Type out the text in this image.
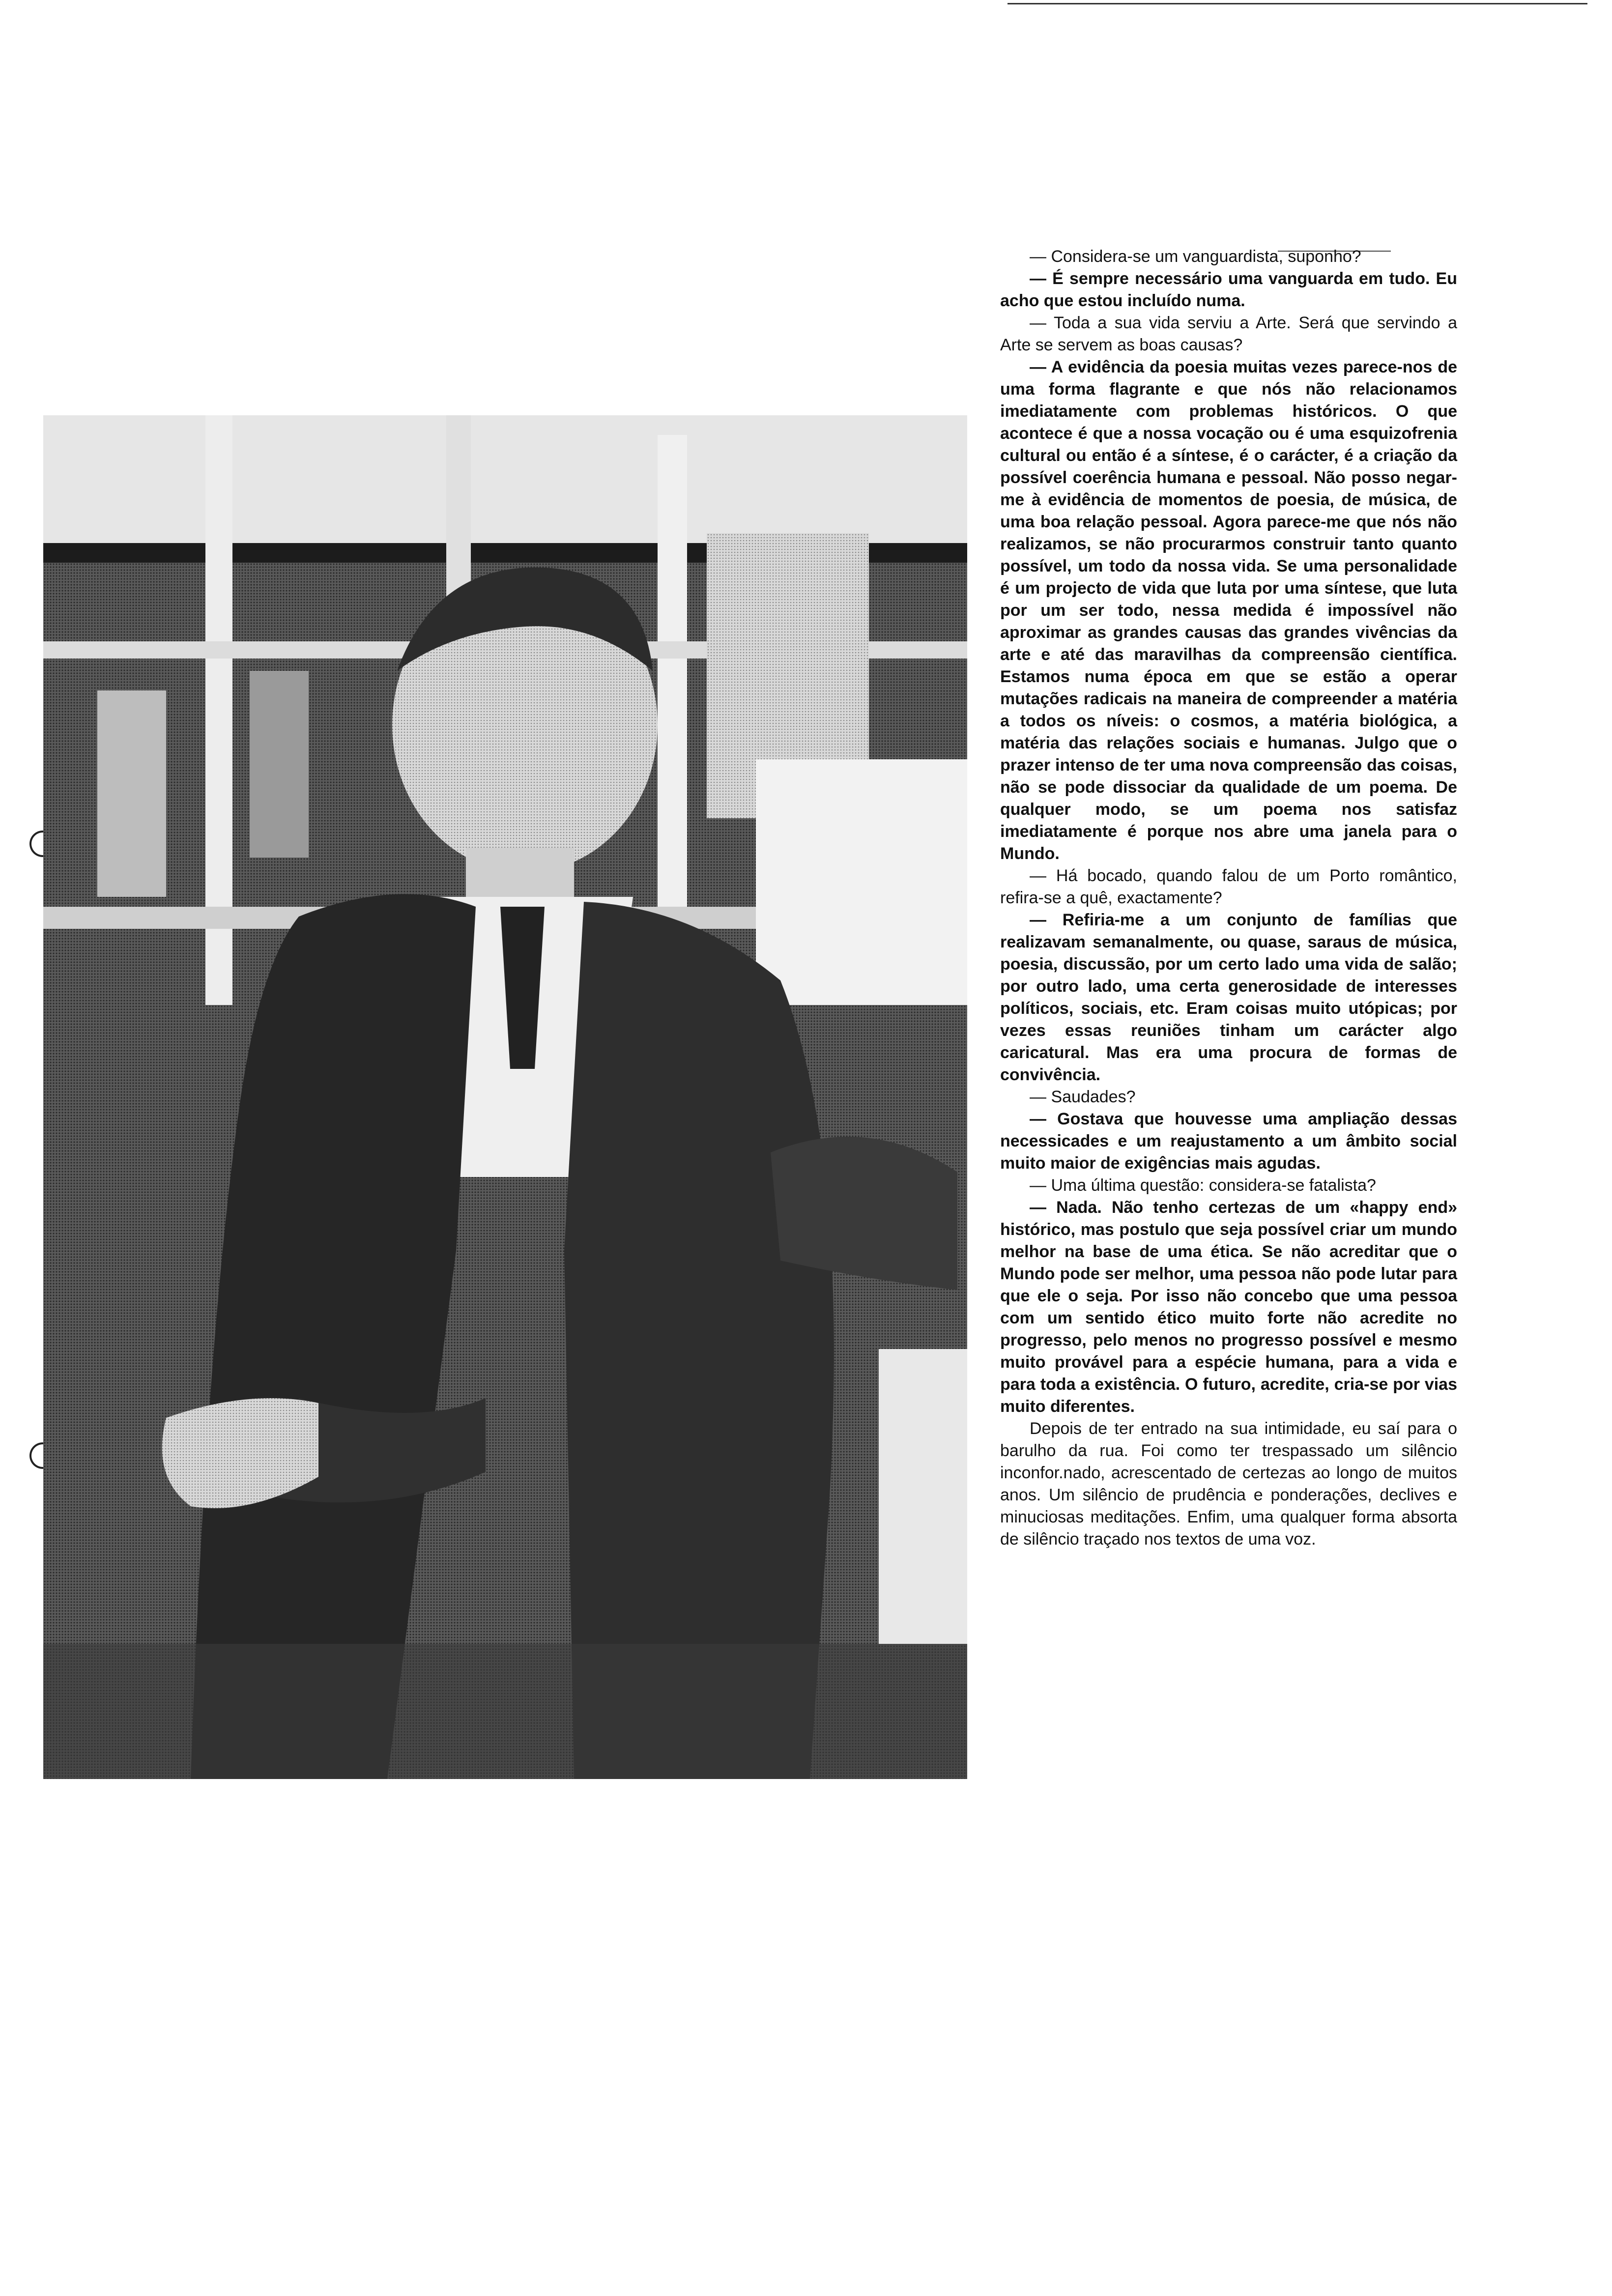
— Considera-se um vanguardista, suponho?

— É sempre necessário uma vanguarda em tudo. Eu acho que estou incluído numa.

— Toda a sua vida serviu a Arte. Será que servindo a Arte se servem as boas causas?

— A evidência da poesia muitas vezes parece-nos de uma forma flagrante e que nós não relacionamos imediatamente com problemas históricos. O que acontece é que a nossa vocação ou é uma esquizofrenia cultural ou então é a síntese, é o carácter, é a criação da possível coerência humana e pessoal. Não posso negar-me à evidência de momentos de poesia, de música, de uma boa relação pessoal. Agora parece-me que nós não realizamos, se não procurarmos construir tanto quanto possível, um todo da nossa vida. Se uma personalidade é um projecto de vida que luta por uma síntese, que luta por um ser todo, nessa medida é impossível não aproximar as grandes causas das grandes vivências da arte e até das maravilhas da compreensão científica. Estamos numa época em que se estão a operar mutações radicais na maneira de compreender a matéria a todos os níveis: o cosmos, a matéria biológica, a matéria das relações sociais e humanas. Julgo que o prazer intenso de ter uma nova compreensão das coisas, não se pode dissociar da qualidade de um poema. De qualquer modo, se um poema nos satisfaz imediatamente é porque nos abre uma janela para o Mundo.

— Há bocado, quando falou de um Porto romântico, refira-se a quê, exactamente?

— Refiria-me a um conjunto de famílias que realizavam semanalmente, ou quase, saraus de música, poesia, discussão, por um certo lado uma vida de salão; por outro lado, uma certa generosidade de interesses políticos, sociais, etc. Eram coisas muito utópicas; por vezes essas reuniões tinham um carácter algo caricatural. Mas era uma procura de formas de convivência.

— Saudades?

— Gostava que houvesse uma ampliação dessas necessicades e um reajustamento a um âmbito social muito maior de exigências mais agudas.

— Uma última questão: considera-se fatalista?

— Nada. Não tenho certezas de um «happy end» histórico, mas postulo que seja possível criar um mundo melhor na base de uma ética. Se não acreditar que o Mundo pode ser melhor, uma pessoa não pode lutar para que ele o seja. Por isso não concebo que uma pessoa com um sentido ético muito forte não acredite no progresso, pelo menos no progresso possível e mesmo muito provável para a espécie humana, para a vida e para toda a existência. O futuro, acredite, cria-se por vias muito diferentes.

Depois de ter entrado na sua intimidade, eu saí para o barulho da rua. Foi como ter trespassado um silêncio inconfor.nado, acrescentado de certezas ao longo de muitos anos. Um silêncio de prudência e ponderações, declives e minuciosas meditações. Enfim, uma qualquer forma absorta de silêncio traçado nos textos de uma voz.
